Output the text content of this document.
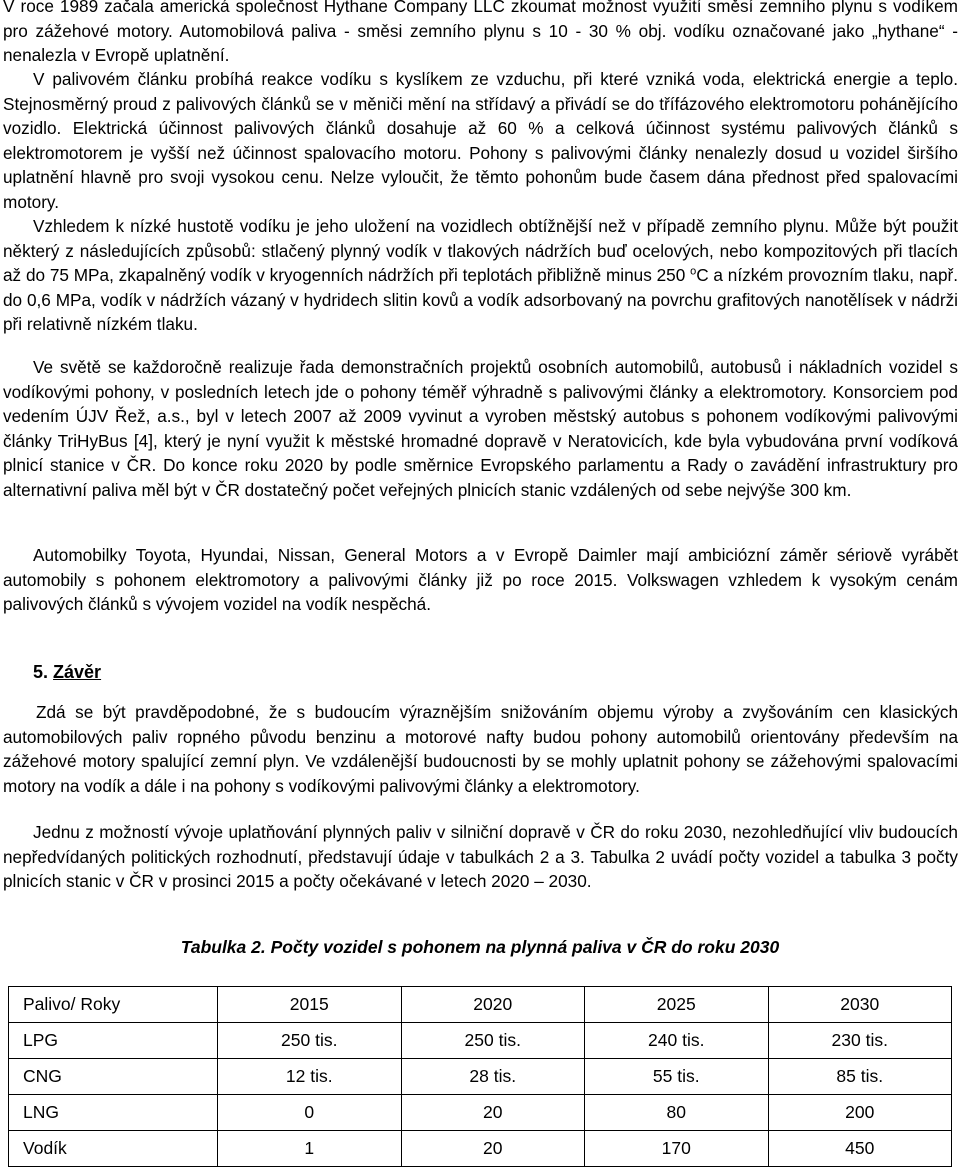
V roce 1989 začala americká společnost Hythane Company LLC zkoumat možnost využití směsí zemního plynu s vodíkem pro zážehové motory. Automobilová paliva - směsi zemního plynu s 10 - 30 % obj. vodíku označované jako „hythane“ - nenalezla v Evropě uplatnění.

V palivovém článku probíhá reakce vodíku s kyslíkem ze vzduchu, při které vzniká voda, elektrická energie a teplo. Stejnosměrný proud z palivových článků se v měniči mění na střídavý a přivádí se do třífázového elektromotoru pohánějícího vozidlo. Elektrická účinnost palivových článků dosahuje až 60 % a celková účinnost systému palivových článků s elektromotorem je vyšší než účinnost spalovacího motoru. Pohony s palivovými články nenalezly dosud u vozidel širšího uplatnění hlavně pro svoji vysokou cenu. Nelze vyloučit, že těmto pohonům bude časem dána přednost před spalovacími motory.

Vzhledem k nízké hustotě vodíku je jeho uložení na vozidlech obtížnější než v případě zemního plynu. Může být použit některý z následujících způsobů: stlačený plynný vodík v tlakových nádržích buď ocelových, nebo kompozitových při tlacích až do 75 MPa, zkapalněný vodík v kryogenních nádržích při teplotách přibližně minus 250 $^o$C a nízkém provozním tlaku, např. do 0,6 MPa, vodík v nádržích vázaný v hydridech slitin kovů a vodík adsorbovaný na povrchu grafitových nanotělísek v nádrži při relativně nízkém tlaku.

Ve světě se každoročně realizuje řada demonstračních projektů osobních automobilů, autobusů i nákladních vozidel s vodíkovými pohony, v posledních letech jde o pohony téměř výhradně s palivovými články a elektromotory. Konsorciem pod vedením ÚJV Řež, a.s., byl v letech 2007 až 2009 vyvinut a vyroben městský autobus s pohonem vodíkovými palivovými články TriHyBus [4], který je nyní využit k městské hromadné dopravě v Neratovicích, kde byla vybudována první vodíková plnicí stanice v ČR. Do konce roku 2020 by podle směrnice Evropského parlamentu a Rady o zavádění infrastruktury pro alternativní paliva měl být v ČR dostatečný počet veřejných plnicích stanic vzdálených od sebe nejvýše 300 km.

Automobilky Toyota, Hyundai, Nissan, General Motors a v Evropě Daimler mají ambiciózní záměr sériově vyrábět automobily s pohonem elektromotory a palivovými články již po roce 2015. Volkswagen vzhledem k vysokým cenám palivových článků s vývojem vozidel na vodík nespěchá.

5. Závěr

Zdá se být pravděpodobné, že s budoucím výraznějším snižováním objemu výroby a zvyšováním cen klasických automobilových paliv ropného původu benzinu a motorové nafty budou pohony automobilů orientovány především na zážehové motory spalující zemní plyn. Ve vzdálenější budoucnosti by se mohly uplatnit pohony se zážehovými spalovacími motory na vodík a dále i na pohony s vodíkovými palivovými články a elektromotory.

Jednu z možností vývoje uplatňování plynných paliv v silniční dopravě v ČR do roku 2030, nezohledňující vliv budoucích nepředvídaných politických rozhodnutí, představují údaje v tabulkách 2 a 3. Tabulka 2 uvádí počty vozidel a tabulka 3 počty plnicích stanic v ČR v prosinci 2015 a počty očekávané v letech 2020 – 2030.

Tabulka 2. Počty vozidel s pohonem na plynná paliva v ČR do roku 2030

Palivo/ Roky	2015	2020	2025	2030
LPG	250 tis.	250 tis.	240 tis.	230 tis.
CNG	12 tis.	28 tis.	55 tis.	85 tis.
LNG	0	20	80	200
Vodík	1	20	170	450
